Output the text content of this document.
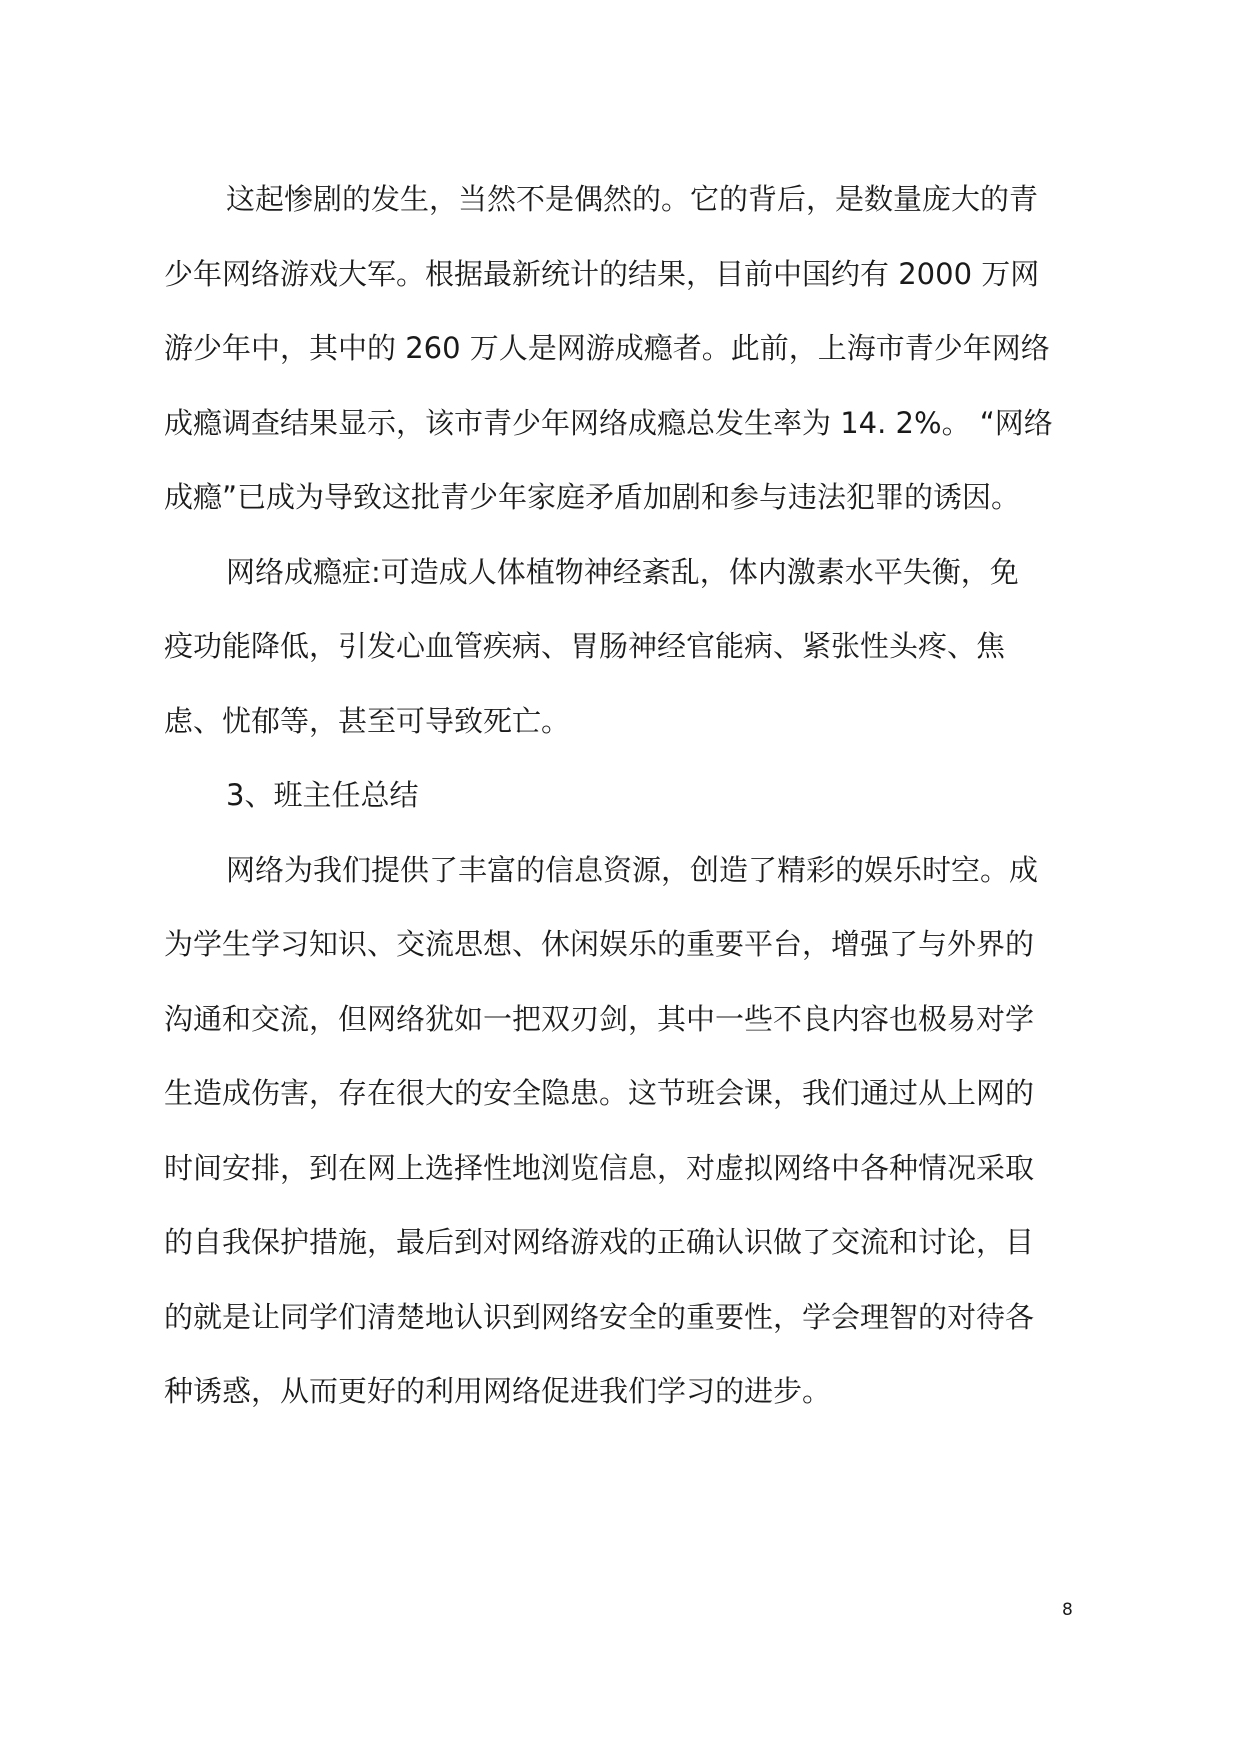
这起惨剧的发生，当然不是偶然的。它的背后，是数量庞大的青
少年网络游戏大军。根据最新统计的结果，目前中国约有 2000 万网
游少年中，其中的 260 万人是网游成瘾者。此前，上海市青少年网络
成瘾调查结果显示，该市青少年网络成瘾总发生率为 14. 2%。 “网络
成瘾”已成为导致这批青少年家庭矛盾加剧和参与违法犯罪的诱因。
网络成瘾症:可造成人体植物神经紊乱，体内激素水平失衡，免
疫功能降低，引发心血管疾病、胃肠神经官能病、紧张性头疼、焦
虑、忧郁等，甚至可导致死亡。
3、班主任总结
网络为我们提供了丰富的信息资源，创造了精彩的娱乐时空。成
为学生学习知识、交流思想、休闲娱乐的重要平台，增强了与外界的
沟通和交流，但网络犹如一把双刃剑，其中一些不良内容也极易对学
生造成伤害，存在很大的安全隐患。这节班会课，我们通过从上网的
时间安排，到在网上选择性地浏览信息，对虚拟网络中各种情况采取
的自我保护措施，最后到对网络游戏的正确认识做了交流和讨论，目
的就是让同学们清楚地认识到网络安全的重要性，学会理智的对待各
种诱惑，从而更好的利用网络促进我们学习的进步。
8
